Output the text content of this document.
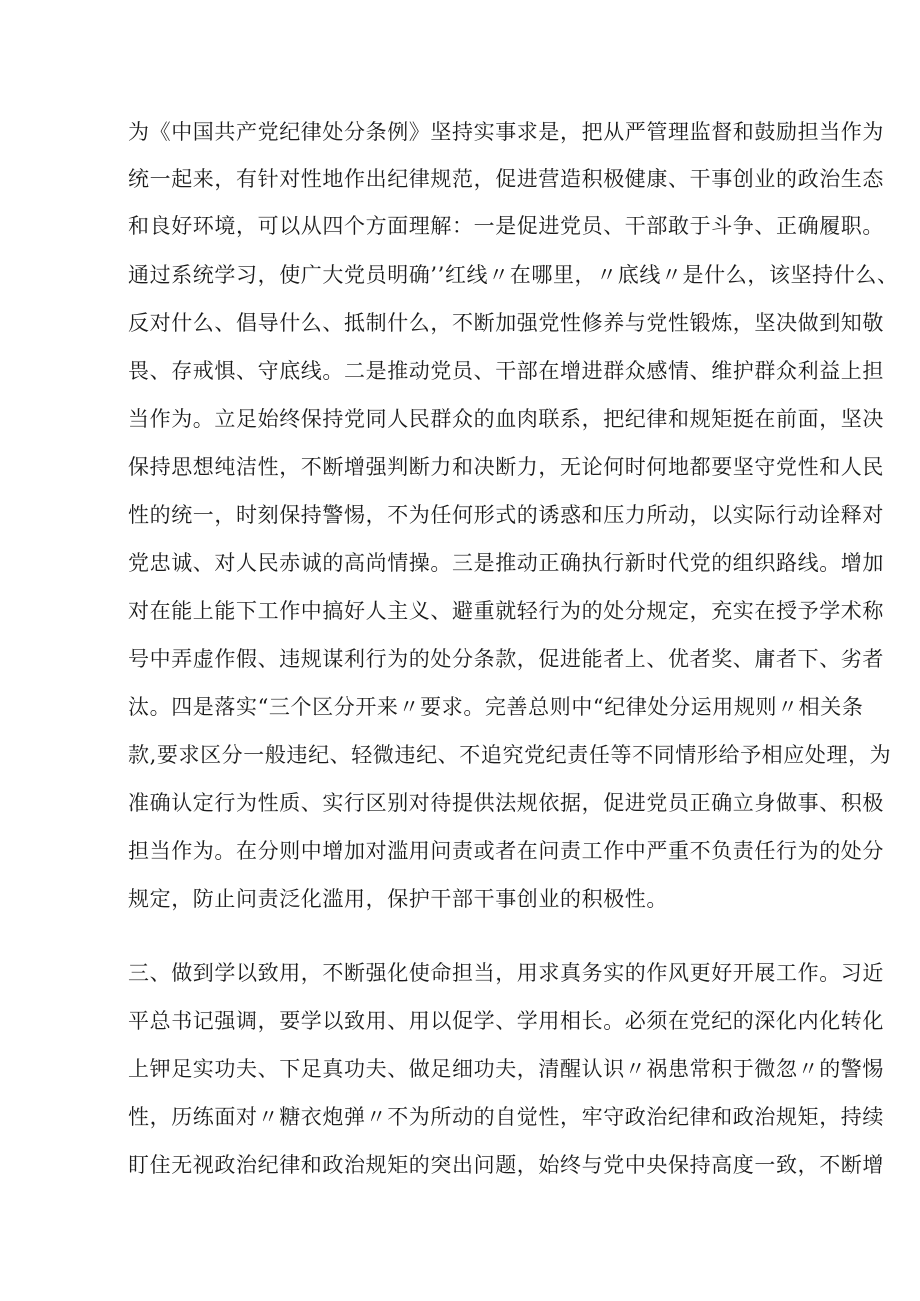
为《中国共产党纪律处分条例》坚持实事求是，把从严管理监督和鼓励担当作为
统一起来，有针对性地作出纪律规范，促进营造积极健康、干事创业的政治生态
和良好环境，可以从四个方面理解：一是促进党员、干部敢于斗争、正确履职。
通过系统学习，使广大党员明确’’红线〃在哪里，〃底线〃是什么，该坚持什么、
反对什么、倡导什么、抵制什么，不断加强党性修养与党性锻炼，坚决做到知敬
畏、存戒惧、守底线。二是推动党员、干部在增进群众感情、维护群众利益上担
当作为。立足始终保持党同人民群众的血肉联系，把纪律和规矩挺在前面，坚决
保持思想纯洁性，不断增强判断力和决断力，无论何时何地都要坚守党性和人民
性的统一，时刻保持警惕，不为任何形式的诱惑和压力所动，以实际行动诠释对
党忠诚、对人民赤诚的高尚情操。三是推动正确执行新时代党的组织路线。增加
对在能上能下工作中搞好人主义、避重就轻行为的处分规定，充实在授予学术称
号中弄虚作假、违规谋利行为的处分条款，促进能者上、优者奖、庸者下、劣者
汰。四是落实“三个区分开来〃要求。完善总则中“纪律处分运用规则〃相关条
款,要求区分一般违纪、轻微违纪、不追究党纪责任等不同情形给予相应处理，为
准确认定行为性质、实行区别对待提供法规依据，促进党员正确立身做事、积极
担当作为。在分则中增加对滥用问责或者在问责工作中严重不负责任行为的处分
规定，防止问责泛化滥用，保护干部干事创业的积极性。
三、做到学以致用，不断强化使命担当，用求真务实的作风更好开展工作。习近
平总书记强调，要学以致用、用以促学、学用相长。必须在党纪的深化内化转化
上钾足实功夫、下足真功夫、做足细功夫，清醒认识〃祸患常积于微忽〃的警惕
性，历练面对〃糖衣炮弹〃不为所动的自觉性，牢守政治纪律和政治规矩，持续
盯住无视政治纪律和政治规矩的突出问题，始终与党中央保持高度一致，不断增
